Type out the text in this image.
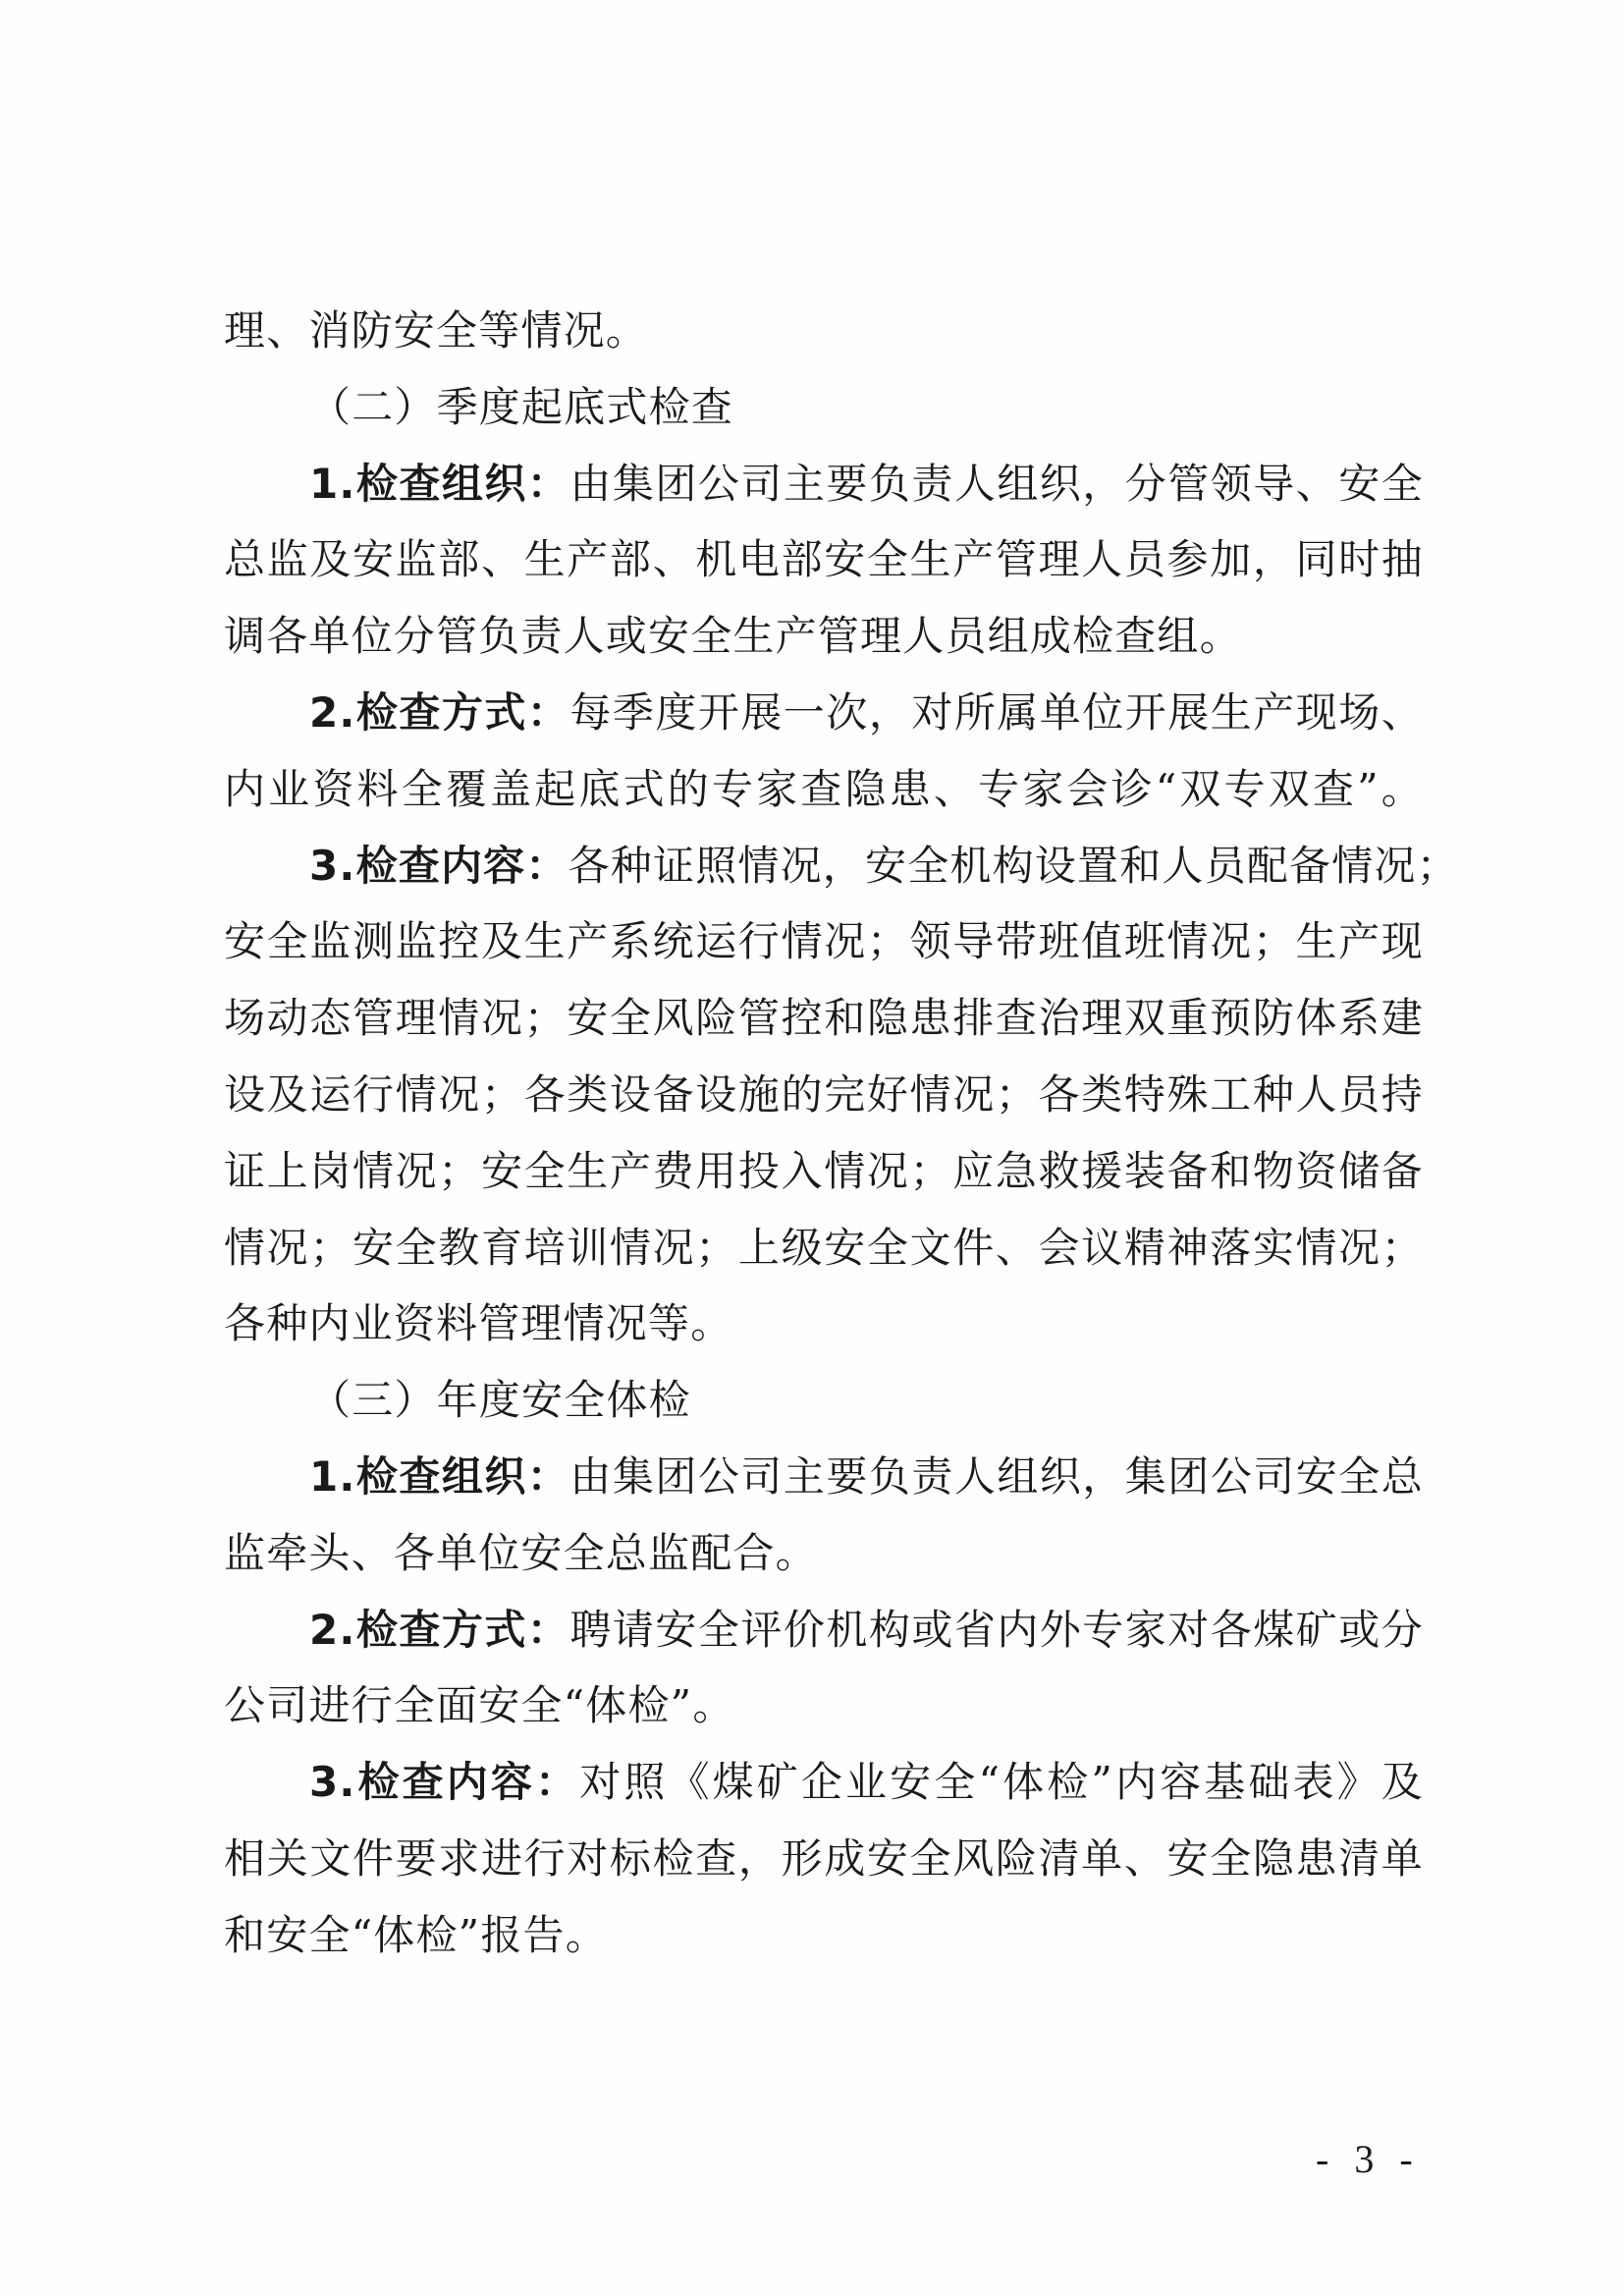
理、消防安全等情况。
（二）季度起底式检查
1.检查组织：由集团公司主要负责人组织，分管领导、安全
总监及安监部、生产部、机电部安全生产管理人员参加，同时抽
调各单位分管负责人或安全生产管理人员组成检查组。
2.检查方式：每季度开展一次，对所属单位开展生产现场、
内业资料全覆盖起底式的专家查隐患、专家会诊“双专双查”。
3.检查内容：各种证照情况，安全机构设置和人员配备情况；
安全监测监控及生产系统运行情况；领导带班值班情况；生产现
场动态管理情况；安全风险管控和隐患排查治理双重预防体系建
设及运行情况；各类设备设施的完好情况；各类特殊工种人员持
证上岗情况；安全生产费用投入情况；应急救援装备和物资储备
情况；安全教育培训情况；上级安全文件、会议精神落实情况；
各种内业资料管理情况等。
（三）年度安全体检
1.检查组织：由集团公司主要负责人组织，集团公司安全总
监牵头、各单位安全总监配合。
2.检查方式：聘请安全评价机构或省内外专家对各煤矿或分
公司进行全面安全“体检”。
3.检查内容：对照《煤矿企业安全“体检”内容基础表》及
相关文件要求进行对标检查，形成安全风险清单、安全隐患清单
和安全“体检”报告。
- 3 -
